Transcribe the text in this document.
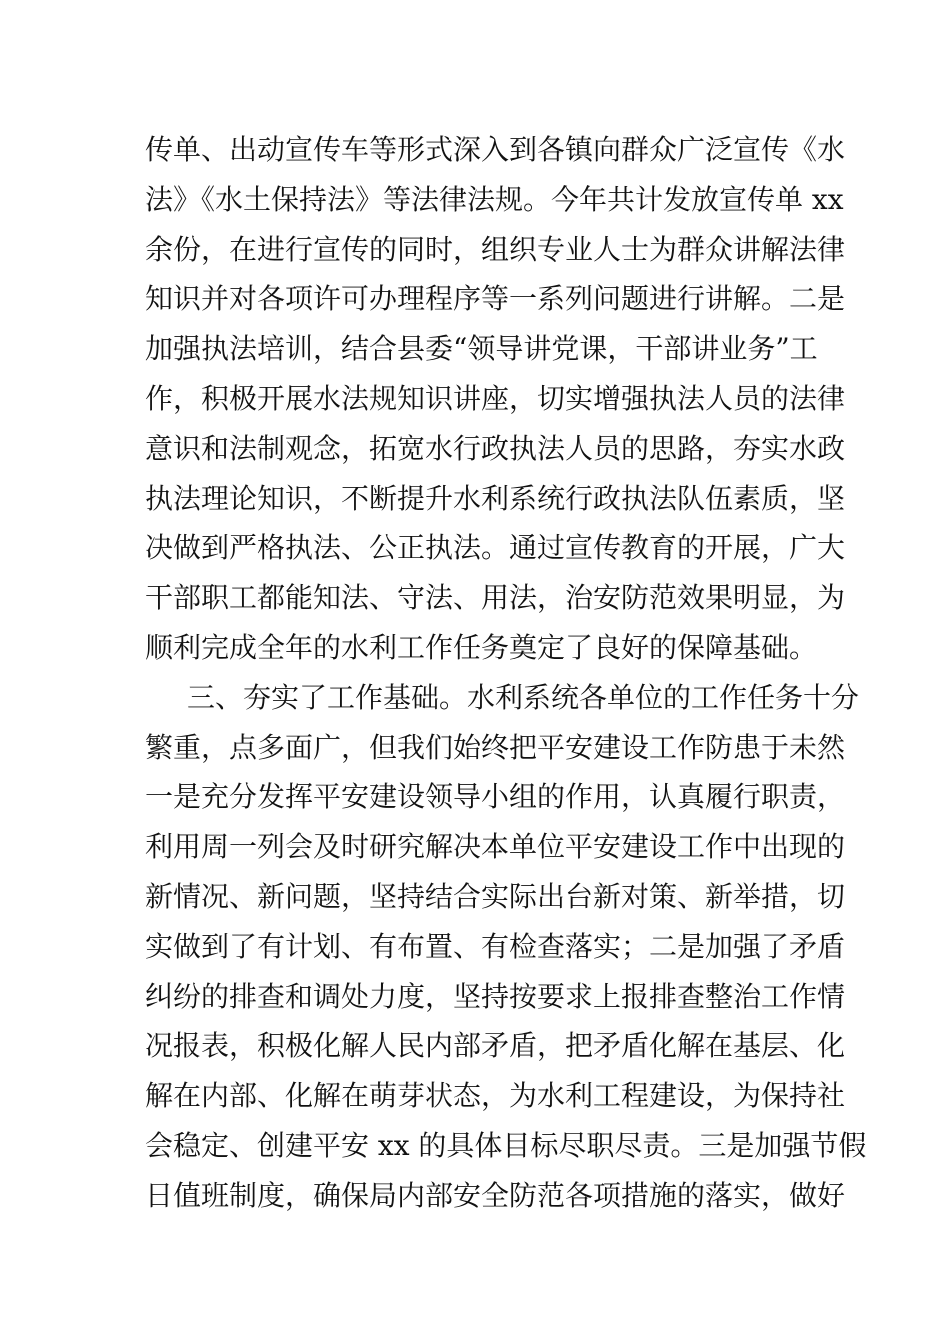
传单、出动宣传车等形式深入到各镇向群众广泛宣传《水
法》《水土保持法》等法律法规。今年共计发放宣传单 xx
余份，在进行宣传的同时，组织专业人士为群众讲解法律
知识并对各项许可办理程序等一系列问题进行讲解。二是
加强执法培训，结合县委“领导讲党课，干部讲业务”工
作，积极开展水法规知识讲座，切实增强执法人员的法律
意识和法制观念，拓宽水行政执法人员的思路，夯实水政
执法理论知识，不断提升水利系统行政执法队伍素质，坚
决做到严格执法、公正执法。通过宣传教育的开展，广大
干部职工都能知法、守法、用法，治安防范效果明显，为
顺利完成全年的水利工作任务奠定了良好的保障基础。
三、夯实了工作基础。水利系统各单位的工作任务十分
繁重，点多面广，但我们始终把平安建设工作防患于未然
一是充分发挥平安建设领导小组的作用，认真履行职责，
利用周一列会及时研究解决本单位平安建设工作中出现的
新情况、新问题，坚持结合实际出台新对策、新举措，切
实做到了有计划、有布置、有检查落实；二是加强了矛盾
纠纷的排查和调处力度，坚持按要求上报排查整治工作情
况报表，积极化解人民内部矛盾，把矛盾化解在基层、化
解在内部、化解在萌芽状态，为水利工程建设，为保持社
会稳定、创建平安 xx 的具体目标尽职尽责。三是加强节假
日值班制度，确保局内部安全防范各项措施的落实，做好
